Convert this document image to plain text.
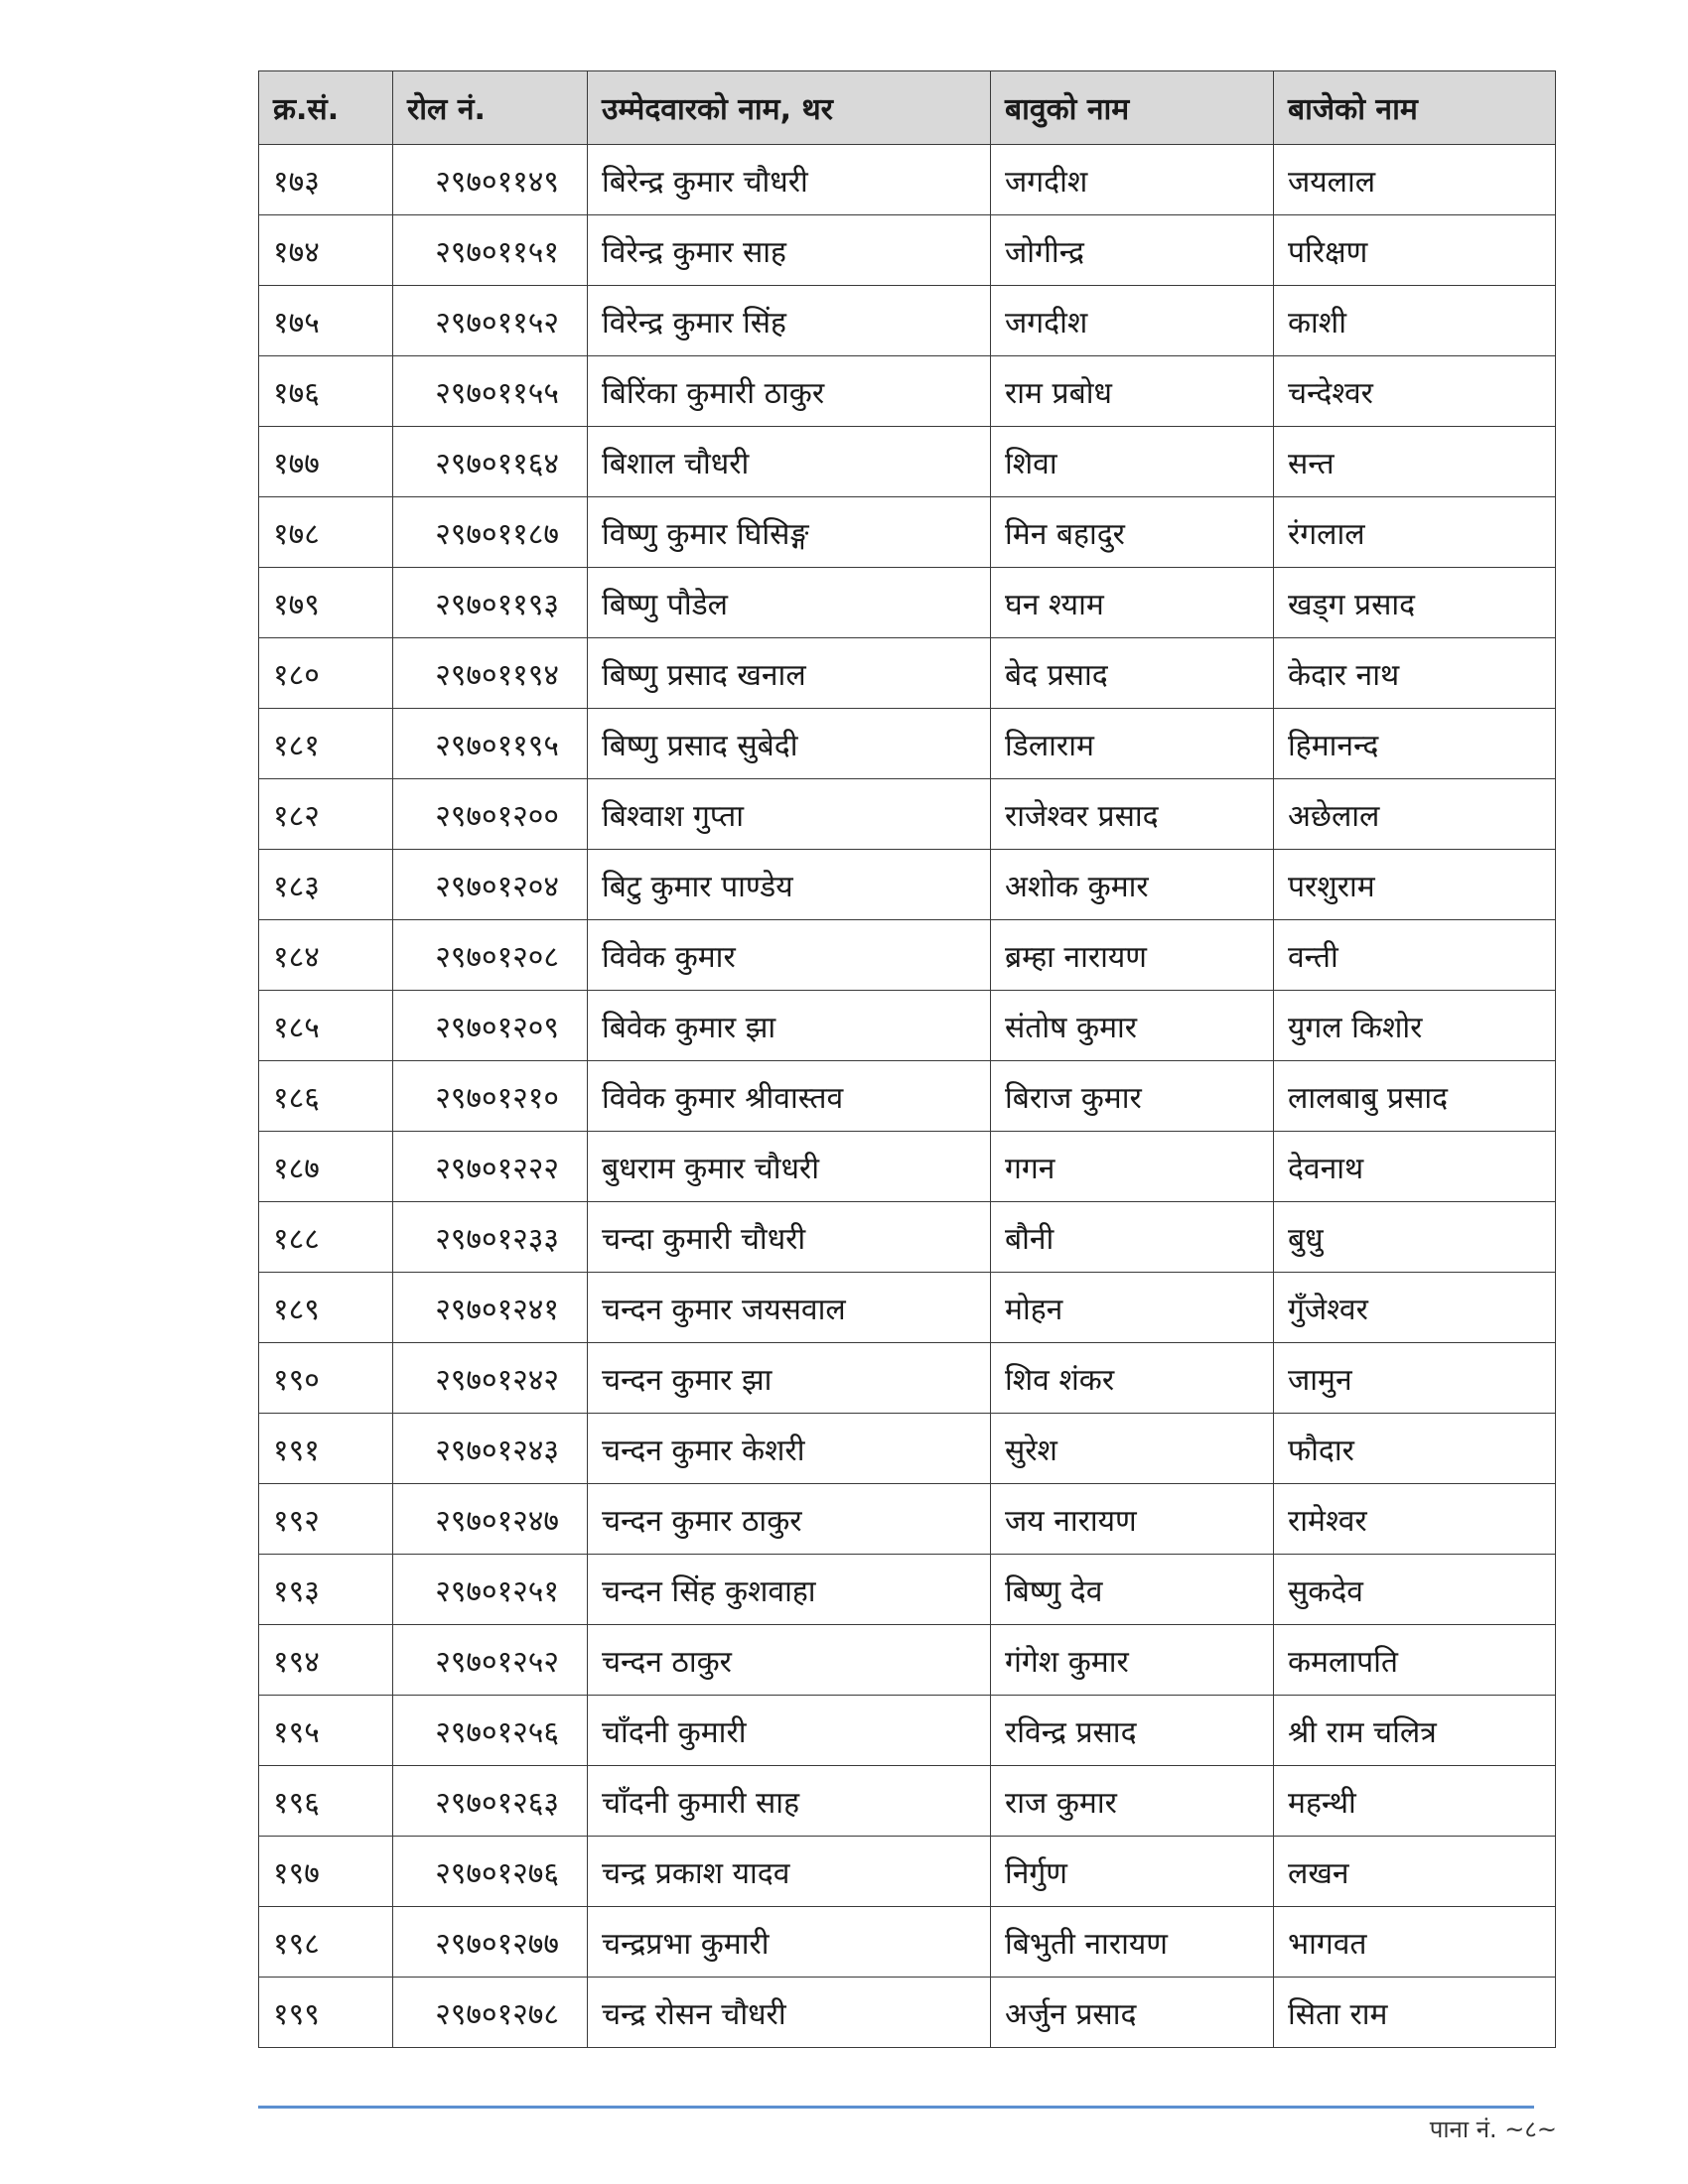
क्र.सं.	रोल नं.	उम्मेदवारको नाम, थर	बावुको नाम	बाजेको नाम
१७३	२९७०११४९	बिरेन्द्र कुमार चौधरी	जगदीश	जयलाल
१७४	२९७०११५१	विरेन्द्र कुमार साह	जोगीन्द्र	परिक्षण
१७५	२९७०११५२	विरेन्द्र कुमार सिंह	जगदीश	काशी
१७६	२९७०११५५	बिरिंका कुमारी ठाकुर	राम प्रबोध	चन्देश्वर
१७७	२९७०११६४	बिशाल चौधरी	शिवा	सन्त
१७८	२९७०११८७	विष्णु कुमार घिसिङ्ग	मिन बहादुर	रंगलाल
१७९	२९७०११९३	बिष्णु पौडेल	घन श्याम	खड्ग प्रसाद
१८०	२९७०११९४	बिष्णु प्रसाद खनाल	बेद प्रसाद	केदार नाथ
१८१	२९७०११९५	बिष्णु प्रसाद सुबेदी	डिलाराम	हिमानन्द
१८२	२९७०१२००	बिश्वाश गुप्ता	राजेश्वर प्रसाद	अछेलाल
१८३	२९७०१२०४	बिटु कुमार पाण्डेय	अशोक कुमार	परशुराम
१८४	२९७०१२०८	विवेक कुमार	ब्रम्हा नारायण	वन्ती
१८५	२९७०१२०९	बिवेक कुमार झा	संतोष कुमार	युगल किशोर
१८६	२९७०१२१०	विवेक कुमार श्रीवास्तव	बिराज कुमार	लालबाबु प्रसाद
१८७	२९७०१२२२	बुधराम कुमार चौधरी	गगन	देवनाथ
१८८	२९७०१२३३	चन्दा कुमारी चौधरी	बौनी	बुधु
१८९	२९७०१२४१	चन्दन कुमार जयसवाल	मोहन	गुँजेश्वर
१९०	२९७०१२४२	चन्दन कुमार झा	शिव शंकर	जामुन
१९१	२९७०१२४३	चन्दन कुमार केशरी	सुरेश	फौदार
१९२	२९७०१२४७	चन्दन कुमार ठाकुर	जय नारायण	रामेश्वर
१९३	२९७०१२५१	चन्दन सिंह कुशवाहा	बिष्णु देव	सुकदेव
१९४	२९७०१२५२	चन्दन ठाकुर	गंगेश कुमार	कमलापति
१९५	२९७०१२५६	चाँदनी कुमारी	रविन्द्र प्रसाद	श्री राम चलित्र
१९६	२९७०१२६३	चाँदनी कुमारी साह	राज कुमार	महन्थी
१९७	२९७०१२७६	चन्द्र प्रकाश यादव	निर्गुण	लखन
१९८	२९७०१२७७	चन्द्रप्रभा कुमारी	बिभुती नारायण	भागवत
१९९	२९७०१२७८	चन्द्र रोसन चौधरी	अर्जुन प्रसाद	सिता राम
पाना नं. ~८~
